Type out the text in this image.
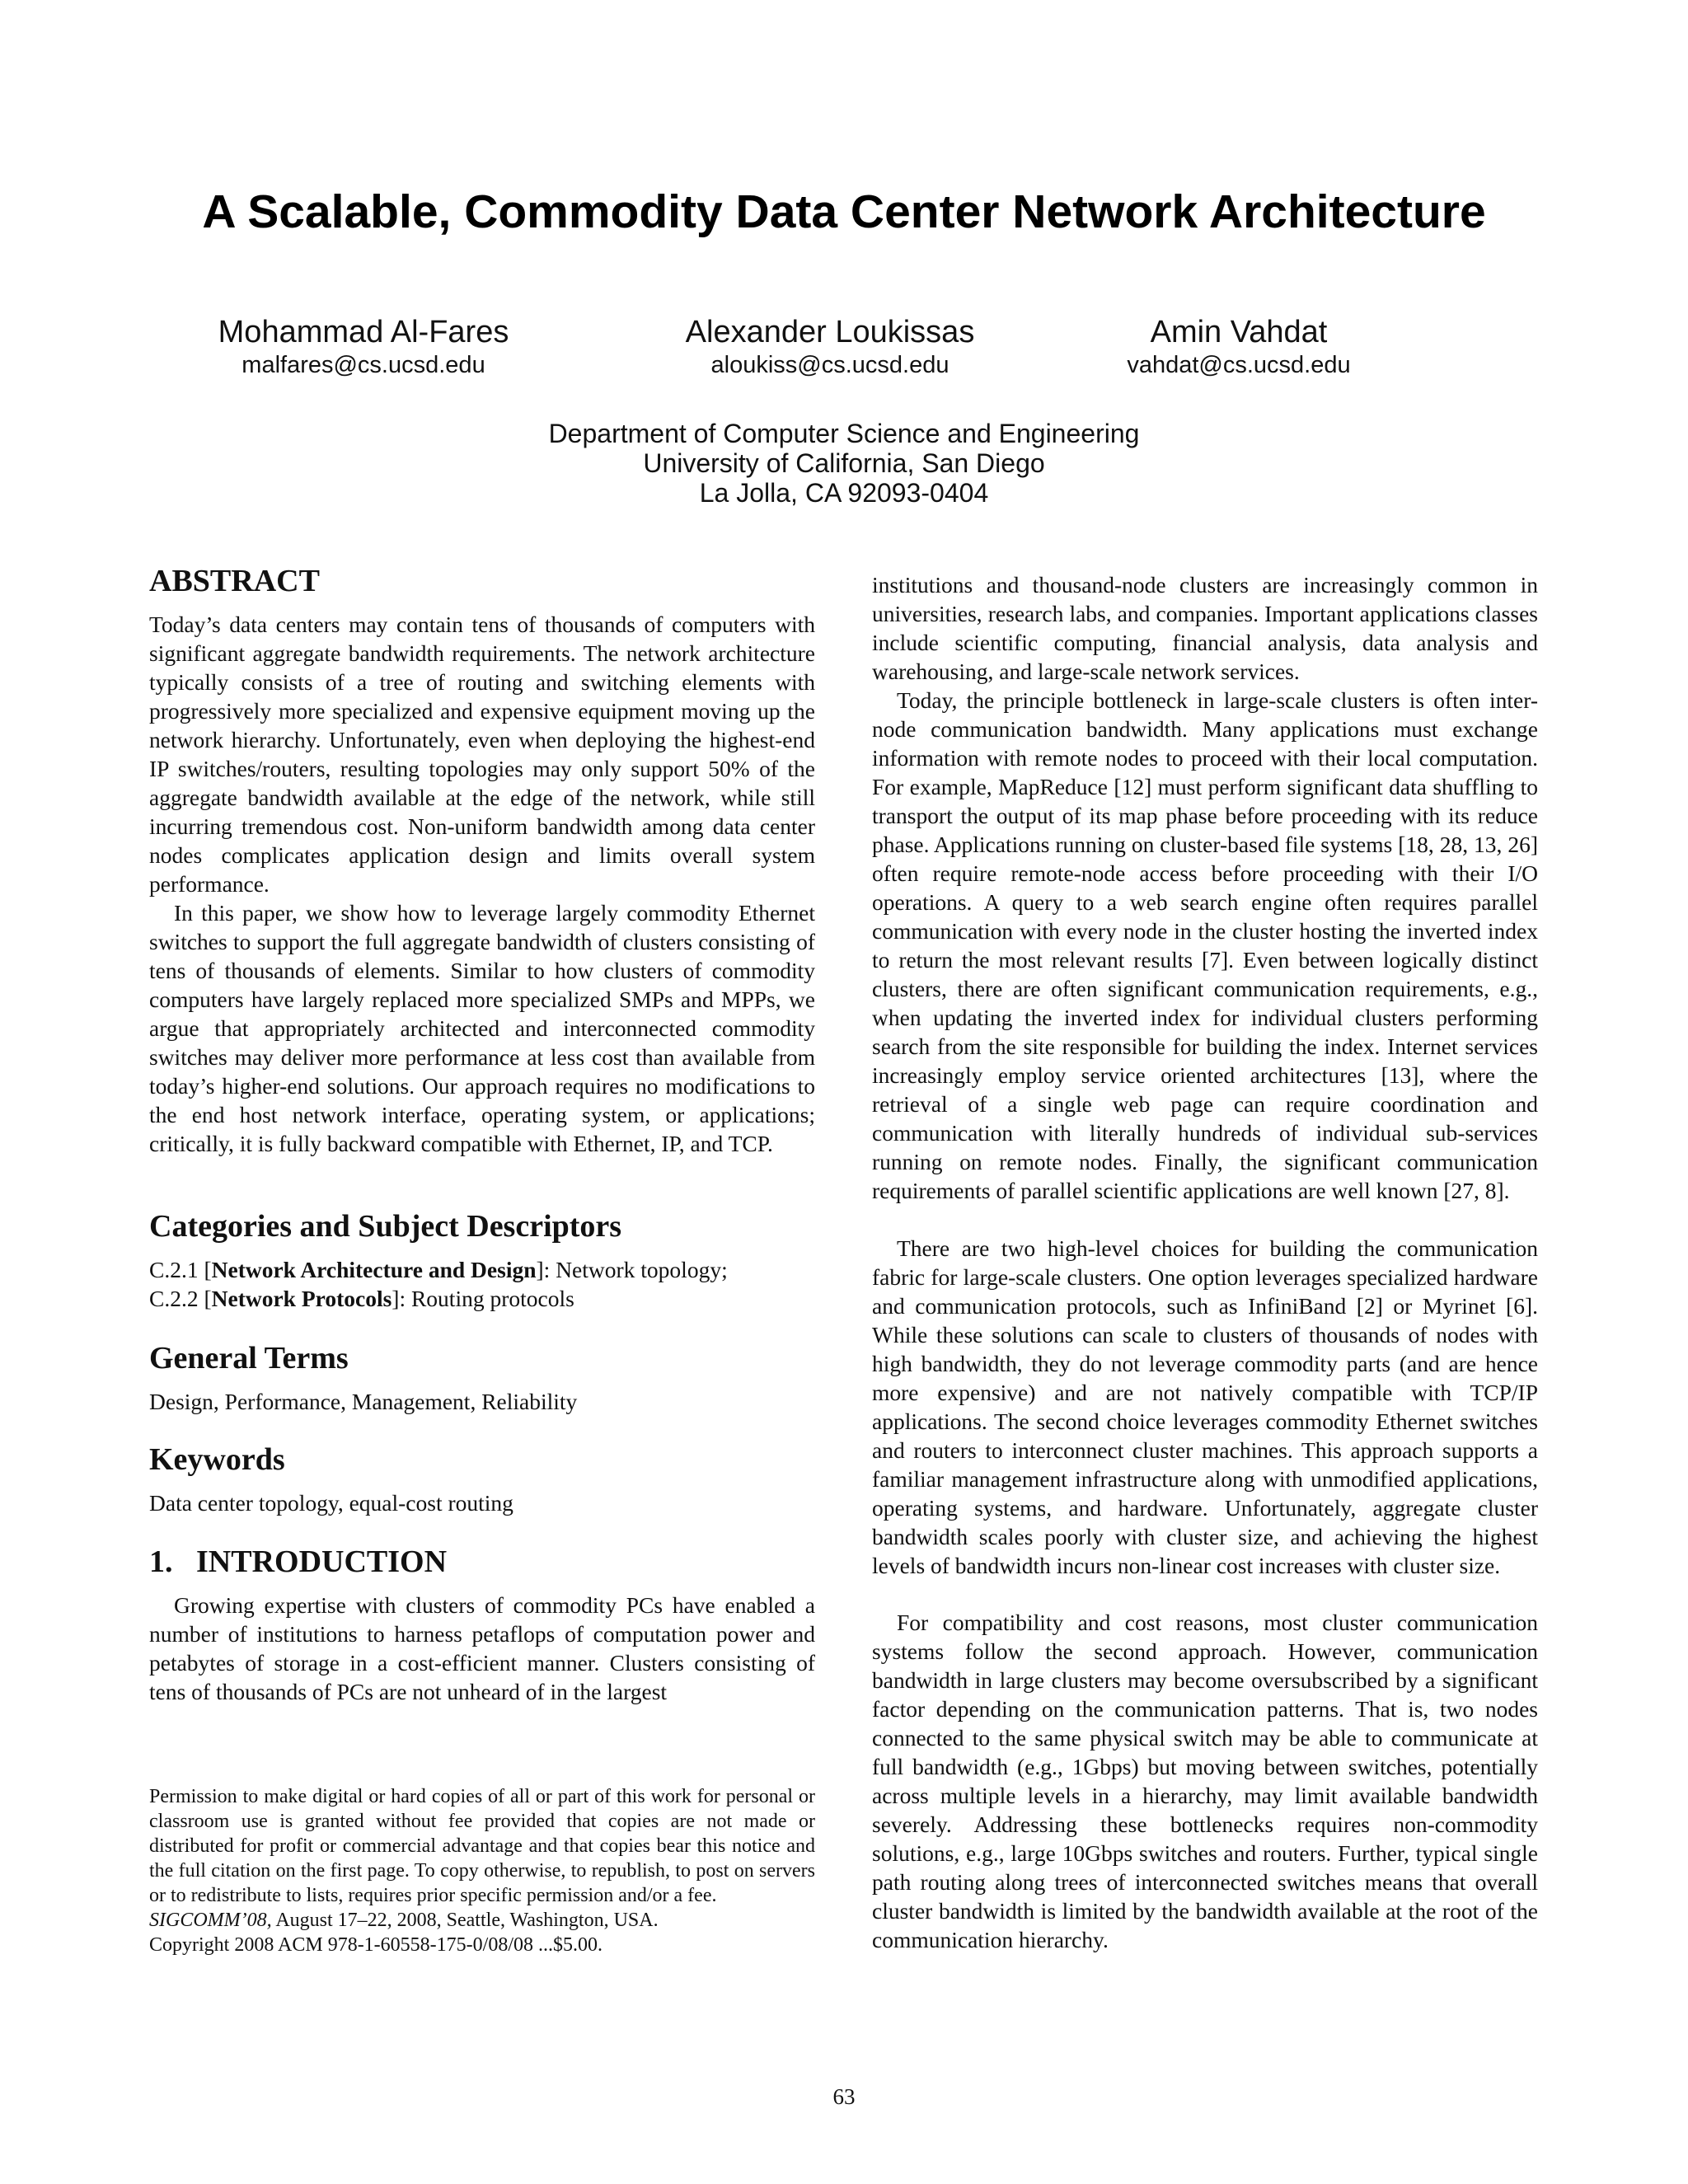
A Scalable, Commodity Data Center Network Architecture
Mohammad Al-Fares
malfares@cs.ucsd.edu
Alexander Loukissas
aloukiss@cs.ucsd.edu
Amin Vahdat
vahdat@cs.ucsd.edu
Department of Computer Science and Engineering
University of California, San Diego
La Jolla, CA 92093-0404
ABSTRACT

Today’s data centers may contain tens of thousands of computers with significant aggregate bandwidth requirements. The network architecture typically consists of a tree of routing and switching elements with progressively more specialized and expensive equipment moving up the network hierarchy. Unfortunately, even when deploying the highest-end IP switches/routers, resulting topologies may only support 50% of the aggregate bandwidth available at the edge of the network, while still incurring tremendous cost. Non-uniform bandwidth among data center nodes complicates application design and limits overall system performance.

In this paper, we show how to leverage largely commodity Ethernet switches to support the full aggregate bandwidth of clusters consisting of tens of thousands of elements. Similar to how clusters of commodity computers have largely replaced more specialized SMPs and MPPs, we argue that appropriately architected and interconnected commodity switches may deliver more performance at less cost than available from today’s higher-end solutions. Our approach requires no modifications to the end host network interface, operating system, or applications; critically, it is fully backward compatible with Ethernet, IP, and TCP.

Categories and Subject Descriptors

C.2.1 [Network Architecture and Design]: Network topology;
C.2.2 [Network Protocols]: Routing protocols

General Terms

Design, Performance, Management, Reliability

Keywords

Data center topology, equal-cost routing

1.   INTRODUCTION

Growing expertise with clusters of commodity PCs have enabled a number of institutions to harness petaflops of computation power and petabytes of storage in a cost-efficient manner. Clusters consisting of tens of thousands of PCs are not unheard of in the largest

Permission to make digital or hard copies of all or part of this work for personal or classroom use is granted without fee provided that copies are not made or distributed for profit or commercial advantage and that copies bear this notice and the full citation on the first page. To copy otherwise, to republish, to post on servers or to redistribute to lists, requires prior specific permission and/or a fee.
SIGCOMM’08, August 17–22, 2008, Seattle, Washington, USA.
Copyright 2008 ACM 978-1-60558-175-0/08/08 ...$5.00.

institutions and thousand-node clusters are increasingly common in universities, research labs, and companies. Important applications classes include scientific computing, financial analysis, data analysis and warehousing, and large-scale network services.

Today, the principle bottleneck in large-scale clusters is often inter-node communication bandwidth. Many applications must exchange information with remote nodes to proceed with their local computation. For example, MapReduce [12] must perform significant data shuffling to transport the output of its map phase before proceeding with its reduce phase. Applications running on cluster-based file systems [18, 28, 13, 26] often require remote-node access before proceeding with their I/O operations. A query to a web search engine often requires parallel communication with every node in the cluster hosting the inverted index to return the most relevant results [7]. Even between logically distinct clusters, there are often significant communication requirements, e.g., when updating the inverted index for individual clusters performing search from the site responsible for building the index. Internet services increasingly employ service oriented architectures [13], where the retrieval of a single web page can require coordination and communication with literally hundreds of individual sub-services running on remote nodes. Finally, the significant communication requirements of parallel scientific applications are well known [27, 8].

There are two high-level choices for building the communication fabric for large-scale clusters. One option leverages specialized hardware and communication protocols, such as InfiniBand [2] or Myrinet [6]. While these solutions can scale to clusters of thousands of nodes with high bandwidth, they do not leverage commodity parts (and are hence more expensive) and are not natively compatible with TCP/IP applications. The second choice leverages commodity Ethernet switches and routers to interconnect cluster machines. This approach supports a familiar management infrastructure along with unmodified applications, operating systems, and hardware. Unfortunately, aggregate cluster bandwidth scales poorly with cluster size, and achieving the highest levels of bandwidth incurs non-linear cost increases with cluster size.

For compatibility and cost reasons, most cluster communication systems follow the second approach. However, communication bandwidth in large clusters may become oversubscribed by a significant factor depending on the communication patterns. That is, two nodes connected to the same physical switch may be able to communicate at full bandwidth (e.g., 1Gbps) but moving between switches, potentially across multiple levels in a hierarchy, may limit available bandwidth severely. Addressing these bottlenecks requires non-commodity solutions, e.g., large 10Gbps switches and routers. Further, typical single path routing along trees of interconnected switches means that overall cluster bandwidth is limited by the bandwidth available at the root of the communication hierarchy.

63
